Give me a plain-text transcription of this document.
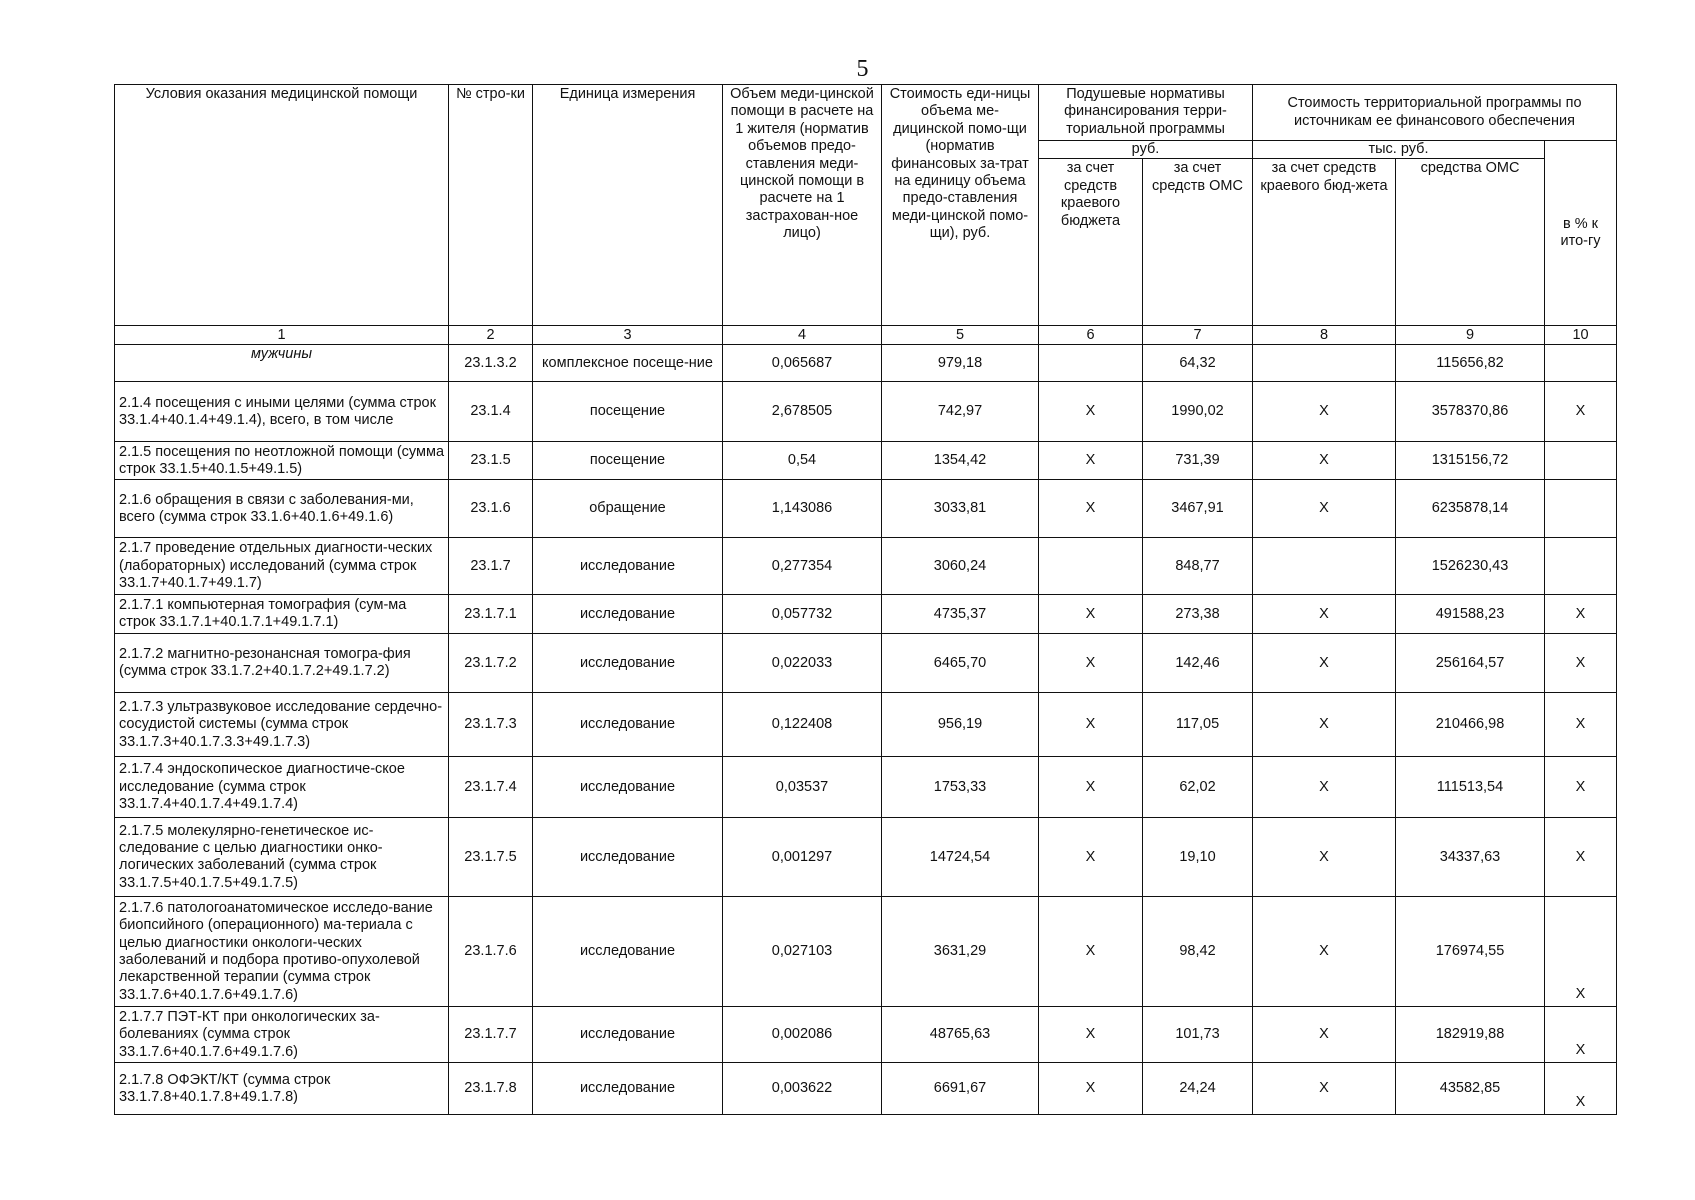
5
Условия оказания медицинской помощи	№ стро-ки	Единица измерения	Объем меди-цинской помощи в расчете на 1 жителя (норматив объемов предо-ставления меди-цинской помощи в расчете на 1 застрахован-ное лицо)	Стоимость еди-ницы объема ме-дицинской помо-щи (норматив финансовых за-трат на единицу объема предо-ставления меди-цинской помо-щи), руб.	Подушевые нормативы финансирования терри-ториальной программы		Стоимость территориальной программы по источникам ее финансового обеспечения		
					руб.		тыс. руб.		в % к ито-гу
					за счет средств краевого бюджета	за счет средств ОМС	за счет средств краевого бюд-жета	средства ОМС	
1	2	3	4	5	6	7	8	9	10
мужчины	23.1.3.2	комплексное посеще-ние	0,065687	979,18		64,32		115656,82	
2.1.4 посещения с иными целями (сумма строк 33.1.4+40.1.4+49.1.4), всего, в том числе	23.1.4	посещение	2,678505	742,97	Х	1990,02	Х	3578370,86	Х
2.1.5 посещения по неотложной помощи (сумма строк 33.1.5+40.1.5+49.1.5)	23.1.5	посещение	0,54	1354,42	Х	731,39	Х	1315156,72	
2.1.6 обращения в связи с заболевания-ми, всего (сумма строк 33.1.6+40.1.6+49.1.6)	23.1.6	обращение	1,143086	3033,81	Х	3467,91	Х	6235878,14	
2.1.7 проведение отдельных диагности-ческих (лабораторных) исследований (сумма строк 33.1.7+40.1.7+49.1.7)	23.1.7	исследование	0,277354	3060,24		848,77		1526230,43	
2.1.7.1 компьютерная томография (сум-ма строк 33.1.7.1+40.1.7.1+49.1.7.1)	23.1.7.1	исследование	0,057732	4735,37	Х	273,38	Х	491588,23	Х
2.1.7.2 магнитно-резонансная томогра-фия (сумма строк 33.1.7.2+40.1.7.2+49.1.7.2)	23.1.7.2	исследование	0,022033	6465,70	Х	142,46	Х	256164,57	Х
2.1.7.3 ультразвуковое исследование сердечно-сосудистой системы (сумма строк 33.1.7.3+40.1.7.3.3+49.1.7.3)	23.1.7.3	исследование	0,122408	956,19	Х	117,05	Х	210466,98	Х
2.1.7.4 эндоскопическое диагностиче-ское исследование (сумма строк 33.1.7.4+40.1.7.4+49.1.7.4)	23.1.7.4	исследование	0,03537	1753,33	Х	62,02	Х	111513,54	Х
2.1.7.5 молекулярно-генетическое ис-следование с целью диагностики онко-логических заболеваний (сумма строк 33.1.7.5+40.1.7.5+49.1.7.5)	23.1.7.5	исследование	0,001297	14724,54	Х	19,10	Х	34337,63	Х
2.1.7.6 патологоанатомическое исследо-вание биопсийного (операционного) ма-териала с целью диагностики онкологи-ческих заболеваний и подбора противо-опухолевой лекарственной терапии (сумма строк 33.1.7.6+40.1.7.6+49.1.7.6)	23.1.7.6	исследование	0,027103	3631,29	Х	98,42	Х	176974,55	Х
2.1.7.7 ПЭТ-КТ при онкологических за-болеваниях (сумма строк 33.1.7.6+40.1.7.6+49.1.7.6)	23.1.7.7	исследование	0,002086	48765,63	Х	101,73	Х	182919,88	Х
2.1.7.8 ОФЭКТ/КТ (сумма строк 33.1.7.8+40.1.7.8+49.1.7.8)	23.1.7.8	исследование	0,003622	6691,67	Х	24,24	Х	43582,85	Х
